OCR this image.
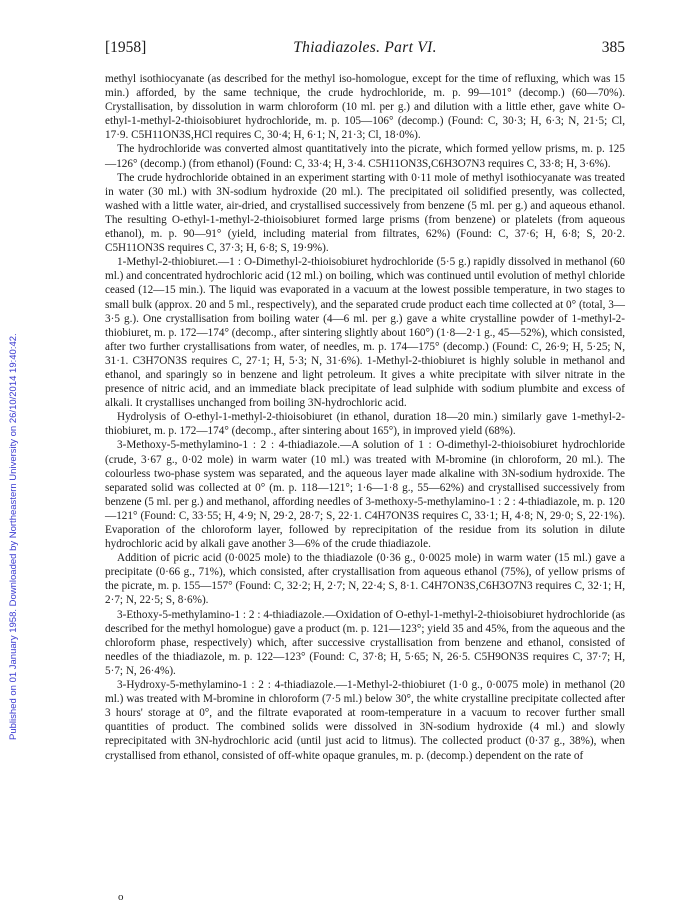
[1958]	Thiadiazoles. Part VI.	385
Published on 01 January 1958. Downloaded by Northeastern University on 26/10/2014 19:40:42.

methyl isothiocyanate (as described for the methyl iso-homologue, except for the time of refluxing, which was 15 min.) afforded, by the same technique, the crude hydrochloride, m. p. 99—101° (decomp.) (60—70%). Crystallisation, by dissolution in warm chloroform (10 ml. per g.) and dilution with a little ether, gave white O-ethyl-1-methyl-2-thioisobiuret hydrochloride, m. p. 105—106° (decomp.) (Found: C, 30·3; H, 6·3; N, 21·5; Cl, 17·9. C5H11ON3S,HCl requires C, 30·4; H, 6·1; N, 21·3; Cl, 18·0%).

The hydrochloride was converted almost quantitatively into the picrate, which formed yellow prisms, m. p. 125—126° (decomp.) (from ethanol) (Found: C, 33·4; H, 3·4. C5H11ON3S,C6H3O7N3 requires C, 33·8; H, 3·6%).

The crude hydrochloride obtained in an experiment starting with 0·11 mole of methyl isothiocyanate was treated in water (30 ml.) with 3N-sodium hydroxide (20 ml.). The precipitated oil solidified presently, was collected, washed with a little water, air-dried, and crystallised successively from benzene (5 ml. per g.) and aqueous ethanol. The resulting O-ethyl-1-methyl-2-thioisobiuret formed large prisms (from benzene) or platelets (from aqueous ethanol), m. p. 90—91° (yield, including material from filtrates, 62%) (Found: C, 37·6; H, 6·8; S, 20·2. C5H11ON3S requires C, 37·3; H, 6·8; S, 19·9%).

1-Methyl-2-thiobiuret.—1 : O-Dimethyl-2-thioisobiuret hydrochloride (5·5 g.) rapidly dissolved in methanol (60 ml.) and concentrated hydrochloric acid (12 ml.) on boiling, which was continued until evolution of methyl chloride ceased (12—15 min.). The liquid was evaporated in a vacuum at the lowest possible temperature, in two stages to small bulk (approx. 20 and 5 ml., respectively), and the separated crude product each time collected at 0° (total, 3—3·5 g.). One crystallisation from boiling water (4—6 ml. per g.) gave a white crystalline powder of 1-methyl-2-thiobiuret, m. p. 172—174° (decomp., after sintering slightly about 160°) (1·8—2·1 g., 45—52%), which consisted, after two further crystallisations from water, of needles, m. p. 174—175° (decomp.) (Found: C, 26·9; H, 5·25; N, 31·1. C3H7ON3S requires C, 27·1; H, 5·3; N, 31·6%). 1-Methyl-2-thiobiuret is highly soluble in methanol and ethanol, and sparingly so in benzene and light petroleum. It gives a white precipitate with silver nitrate in the presence of nitric acid, and an immediate black precipitate of lead sulphide with sodium plumbite and excess of alkali. It crystallises unchanged from boiling 3N-hydrochloric acid.

Hydrolysis of O-ethyl-1-methyl-2-thioisobiuret (in ethanol, duration 18—20 min.) similarly gave 1-methyl-2-thiobiuret, m. p. 172—174° (decomp., after sintering about 165°), in improved yield (68%).

3-Methoxy-5-methylamino-1 : 2 : 4-thiadiazole.—A solution of 1 : O-dimethyl-2-thioisobiuret hydrochloride (crude, 3·67 g., 0·02 mole) in warm water (10 ml.) was treated with M-bromine (in chloroform, 20 ml.). The colourless two-phase system was separated, and the aqueous layer made alkaline with 3N-sodium hydroxide. The separated solid was collected at 0° (m. p. 118—121°; 1·6—1·8 g., 55—62%) and crystallised successively from benzene (5 ml. per g.) and methanol, affording needles of 3-methoxy-5-methylamino-1 : 2 : 4-thiadiazole, m. p. 120—121° (Found: C, 33·55; H, 4·9; N, 29·2, 28·7; S, 22·1. C4H7ON3S requires C, 33·1; H, 4·8; N, 29·0; S, 22·1%). Evaporation of the chloroform layer, followed by reprecipitation of the residue from its solution in dilute hydrochloric acid by alkali gave another 3—6% of the crude thiadiazole.

Addition of picric acid (0·0025 mole) to the thiadiazole (0·36 g., 0·0025 mole) in warm water (15 ml.) gave a precipitate (0·66 g., 71%), which consisted, after crystallisation from aqueous ethanol (75%), of yellow prisms of the picrate, m. p. 155—157° (Found: C, 32·2; H, 2·7; N, 22·4; S, 8·1. C4H7ON3S,C6H3O7N3 requires C, 32·1; H, 2·7; N, 22·5; S, 8·6%).

3-Ethoxy-5-methylamino-1 : 2 : 4-thiadiazole.—Oxidation of O-ethyl-1-methyl-2-thioisobiuret hydrochloride (as described for the methyl homologue) gave a product (m. p. 121—123°; yield 35 and 45%, from the aqueous and the chloroform phase, respectively) which, after successive crystallisation from benzene and ethanol, consisted of needles of the thiadiazole, m. p. 122—123° (Found: C, 37·8; H, 5·65; N, 26·5. C5H9ON3S requires C, 37·7; H, 5·7; N, 26·4%).

3-Hydroxy-5-methylamino-1 : 2 : 4-thiadiazole.—1-Methyl-2-thiobiuret (1·0 g., 0·0075 mole) in methanol (20 ml.) was treated with M-bromine in chloroform (7·5 ml.) below 30°, the white crystalline precipitate collected after 3 hours' storage at 0°, and the filtrate evaporated at room-temperature in a vacuum to recover further small quantities of product. The combined solids were dissolved in 3N-sodium hydroxide (4 ml.) and slowly reprecipitated with 3N-hydrochloric acid (until just acid to litmus). The collected product (0·37 g., 38%), when crystallised from ethanol, consisted of off-white opaque granules, m. p. (decomp.) dependent on the rate of

o
